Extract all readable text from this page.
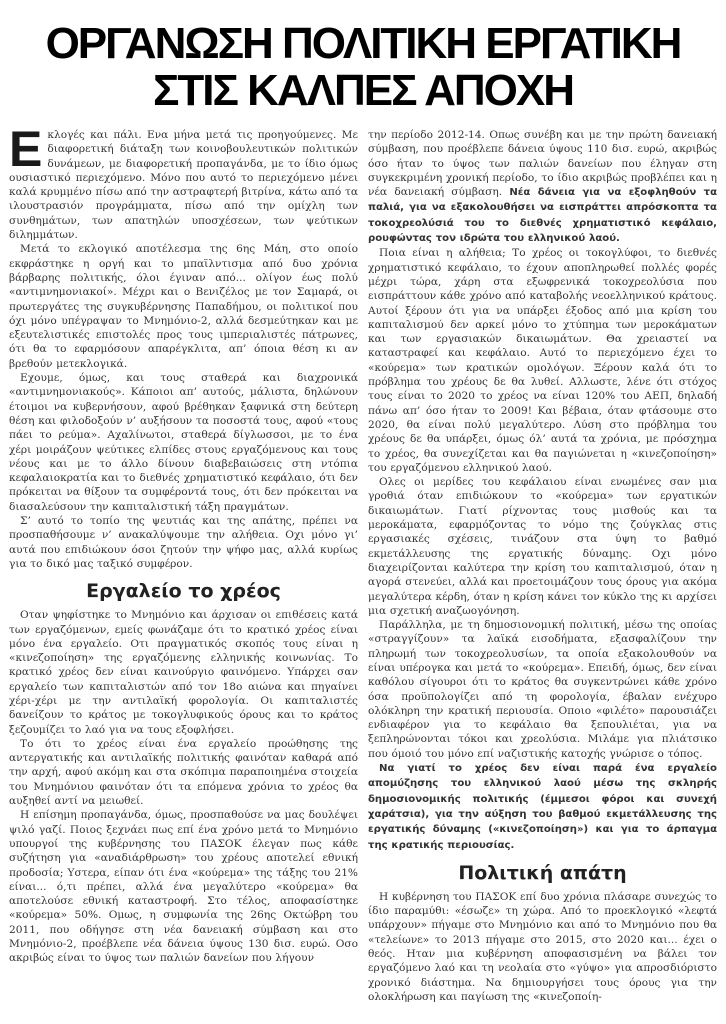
ΟΡΓΑΝΩΣΗ ΠΟΛΙΤΙΚΗ ΕΡΓΑΤΙΚΗ
ΣΤΙΣ ΚΑΛΠΕΣ ΑΠΟΧΗ

Εκλογές και πάλι. Ενα μήνα μετά τις προηγούμενες. Με διαφορετική διάταξη των κοινοβουλευτικών πολιτικών δυνάμεων, με διαφορετική προπαγάνδα, με το ίδιο όμως ουσιαστικό περιεχόμενο. Μόνο που αυτό το περιεχόμενο μένει καλά κρυμμένο πίσω από την αστραφτερή βιτρίνα, κάτω από τα ιλουστρασιόν προγράμματα, πίσω από την ομίχλη των συνθημάτων, των απατηλών υποσχέσεων, των ψεύτικων διλημμάτων.

Μετά το εκλογικό αποτέλεσμα της 6ης Μάη, στο οποίο εκφράστηκε η οργή και το μπαϊλντισμα από δυο χρόνια βάρβαρης πολιτικής, όλοι έγιναν από... ολίγον έως πολύ «αντιμνημονιακοί». Μέχρι και ο Βενιζέλος με τον Σαμαρά, οι πρωτεργάτες της συγκυβέρνησης Παπαδήμου, οι πολιτικοί που όχι μόνο υπέγραψαν το Μνημόνιο-2, αλλά δεσμεύτηκαν και με εξευτελιστικές επιστολές προς τους ιμπεριαλιστές πάτρωνες, ότι θα το εφαρμόσουν απαρέγκλιτα, απ’ όποια θέση κι αν βρεθούν μετεκλογικά.

Εχουμε, όμως, και τους σταθερά και διαχρονικά «αντιμνημονιακούς». Κάποιοι απ’ αυτούς, μάλιστα, δηλώνουν έτοιμοι να κυβερνήσουν, αφού βρέθηκαν ξαφνικά στη δεύτερη θέση και φιλοδοξούν ν’ αυξήσουν τα ποσοστά τους, αφού «τους πάει το ρεύμα». Αχαλίνωτοι, σταθερά δίγλωσσοι, με το ένα χέρι μοιράζουν ψεύτικες ελπίδες στους εργαζόμενους και τους νέους και με το άλλο δίνουν διαβεβαιώσεις στη ντόπια κεφαλαιοκρατία και το διεθνές χρηματιστικό κεφάλαιο, ότι δεν πρόκειται να θίξουν τα συμφέροντά τους, ότι δεν πρόκειται να διασαλεύσουν την καπιταλιστική τάξη πραγμάτων.

Σ’ αυτό το τοπίο της ψευτιάς και της απάτης, πρέπει να προσπαθήσουμε ν’ ανακαλύψουμε την αλήθεια. Οχι μόνο γι’ αυτά που επιδιώκουν όσοι ζητούν την ψήφο μας, αλλά κυρίως για το δικό μας ταξικό συμφέρον.

Εργαλείο το χρέος

Οταν ψηφίστηκε το Μνημόνιο και άρχισαν οι επιθέσεις κατά των εργαζόμενων, εμείς φωνάζαμε ότι το κρατικό χρέος είναι μόνο ένα εργαλείο. Οτι πραγματικός σκοπός τους είναι η «κινεζοποίηση» της εργαζόμενης ελληνικής κοινωνίας. Το κρατικό χρέος δεν είναι καινούργιο φαινόμενο. Υπάρχει σαν εργαλείο των καπιταλιστών από τον 18ο αιώνα και πηγαίνει χέρι-χέρι με την αντιλαϊκή φορολογία. Οι καπιταλιστές δανείζουν το κράτος με τοκογλυφικούς όρους και το κράτος ξεζουμίζει το λαό για να τους εξοφλήσει.

Το ότι το χρέος είναι ένα εργαλείο προώθησης της αντεργατικής και αντιλαϊκής πολιτικής φαινόταν καθαρά από την αρχή, αφού ακόμη και στα σκόπιμα παραποιημένα στοιχεία του Μνημόνιου φαινόταν ότι τα επόμενα χρόνια το χρέος θα αυξηθεί αντί να μειωθεί.

Η επίσημη προπαγάνδα, όμως, προσπαθούσε να μας δουλέψει ψιλό γαζί. Ποιος ξεχνάει πως επί ένα χρόνο μετά το Μνημόνιο υπουργοί της κυβέρνησης του ΠΑΣΟΚ έλεγαν πως κάθε συζήτηση για «αναδιάρθρωση» του χρέους αποτελεί εθνική προδοσία; Υστερα, είπαν ότι ένα «κούρεμα» της τάξης του 21% είναι... ό,τι πρέπει, αλλά ένα μεγαλύτερο «κούρεμα» θα αποτελούσε εθνική καταστροφή. Στο τέλος, αποφασίστηκε «κούρεμα» 50%. Ομως, η συμφωνία της 26ης Οκτώβρη του 2011, που οδήγησε στη νέα δανειακή σύμβαση και στο Μνημόνιο-2, προέβλεπε νέα δάνεια ύψους 130 δισ. ευρώ. Οσο ακριβώς είναι το ύψος των παλιών δανείων που λήγουν

την περίοδο 2012-14. Οπως συνέβη και με την πρώτη δανειακή σύμβαση, που προέβλεπε δάνεια ύψους 110 δισ. ευρώ, ακριβώς όσο ήταν το ύψος των παλιών δανείων που έληγαν στη συγκεκριμένη χρονική περίοδο, το ίδιο ακριβώς προβλέπει και η νέα δανειακή σύμβαση. Νέα δάνεια για να εξοφληθούν τα παλιά, για να εξακολουθήσει να εισπράττει απρόσκοπτα τα τοκοχρεολύσιά του το διεθνές χρηματιστικό κεφάλαιο, ρουφώντας τον ιδρώτα του ελληνικού λαού.

Ποια είναι η αλήθεια; Το χρέος οι τοκογλύφοι, το διεθνές χρηματιστικό κεφάλαιο, το έχουν αποπληρωθεί πολλές φορές μέχρι τώρα, χάρη στα εξωφρενικά τοκοχρεολύσια που εισπράττουν κάθε χρόνο από καταβολής νεοελληνικού κράτους. Αυτοί ξέρουν ότι για να υπάρξει έξοδος από μια κρίση του καπιταλισμού δεν αρκεί μόνο το χτύπημα των μεροκάματων και των εργασιακών δικαιωμάτων. Θα χρειαστεί να καταστραφεί και κεφάλαιο. Αυτό το περιεχόμενο έχει το «κούρεμα» των κρατικών ομολόγων. Ξέρουν καλά ότι το πρόβλημα του χρέους δε θα λυθεί. Αλλωστε, λένε ότι στόχος τους είναι το 2020 το χρέος να είναι 120% του ΑΕΠ, δηλαδή πάνω απ’ όσο ήταν το 2009! Και βέβαια, όταν φτάσουμε στο 2020, θα είναι πολύ μεγαλύτερο. Λύση στο πρόβλημα του χρέους δε θα υπάρξει, όμως όλ’ αυτά τα χρόνια, με πρόσχημα το χρέος, θα συνεχίζεται και θα παγιώνεται η «κινεζοποίηση» του εργαζόμενου ελληνικού λαού.

Ολες οι μερίδες του κεφάλαιου είναι ενωμένες σαν μια γροθιά όταν επιδιώκουν το «κούρεμα» των εργατικών δικαιωμάτων. Γιατί ρίχνοντας τους μισθούς και τα μεροκάματα, εφαρμόζοντας το νόμο της ζούγκλας στις εργασιακές σχέσεις, τινάζουν στα ύψη το βαθμό εκμετάλλευσης της εργατικής δύναμης. Οχι μόνο διαχειρίζονται καλύτερα την κρίση του καπιταλισμού, όταν η αγορά στενεύει, αλλά και προετοιμάζουν τους όρους για ακόμα μεγαλύτερα κέρδη, όταν η κρίση κάνει τον κύκλο της κι αρχίσει μια σχετική αναζωογόνηση.

Παράλληλα, με τη δημοσιονομική πολιτική, μέσω της οποίας «στραγγίζουν» τα λαϊκά εισοδήματα, εξασφαλίζουν την πληρωμή των τοκοχρεολυσίων, τα οποία εξακολουθούν να είναι υπέρογκα και μετά το «κούρεμα». Επειδή, όμως, δεν είναι καθόλου σίγουροι ότι το κράτος θα συγκεντρώνει κάθε χρόνο όσα προϋπολογίζει από τη φορολογία, έβαλαν ενέχυρο ολόκληρη την κρατική περιουσία. Οποιο «φιλέτο» παρουσιάζει ενδιαφέρον για το κεφάλαιο θα ξεπουλιέται, για να ξεπληρώνονται τόκοι και χρεολύσια. Μιλάμε για πλιάτσικο που όμοιό του μόνο επί ναζιστικής κατοχής γνώρισε ο τόπος.

Να γιατί το χρέος δεν είναι παρά ένα εργαλείο απομύζησης του ελληνικού λαού μέσω της σκληρής δημοσιονομικής πολιτικής (έμμεσοι φόροι και συνεχή χαράτσια), για την αύξηση του βαθμού εκμετάλλευσης της εργατικής δύναμης («κινεζοποίηση») και για το άρπαγμα της κρατικής περιουσίας.

Πολιτική απάτη

Η κυβέρνηση του ΠΑΣΟΚ επί δυο χρόνια πλάσαρε συνεχώς το ίδιο παραμύθι: «έσωζε» τη χώρα. Από το προεκλογικό «λεφτά υπάρχουν» πήγαμε στο Μνημόνιο και από το Μνημόνιο που θα «τελείωνε» το 2013 πήγαμε στο 2015, στο 2020 και... έχει ο θεός. Ηταν μια κυβέρνηση αποφασισμένη να βάλει τον εργαζόμενο λαό και τη νεολαία στο «γύψο» για απροσδιόριστο χρονικό διάστημα. Να δημιουργήσει τους όρους για την ολοκλήρωση και παγίωση της «κινεζοποίη-
